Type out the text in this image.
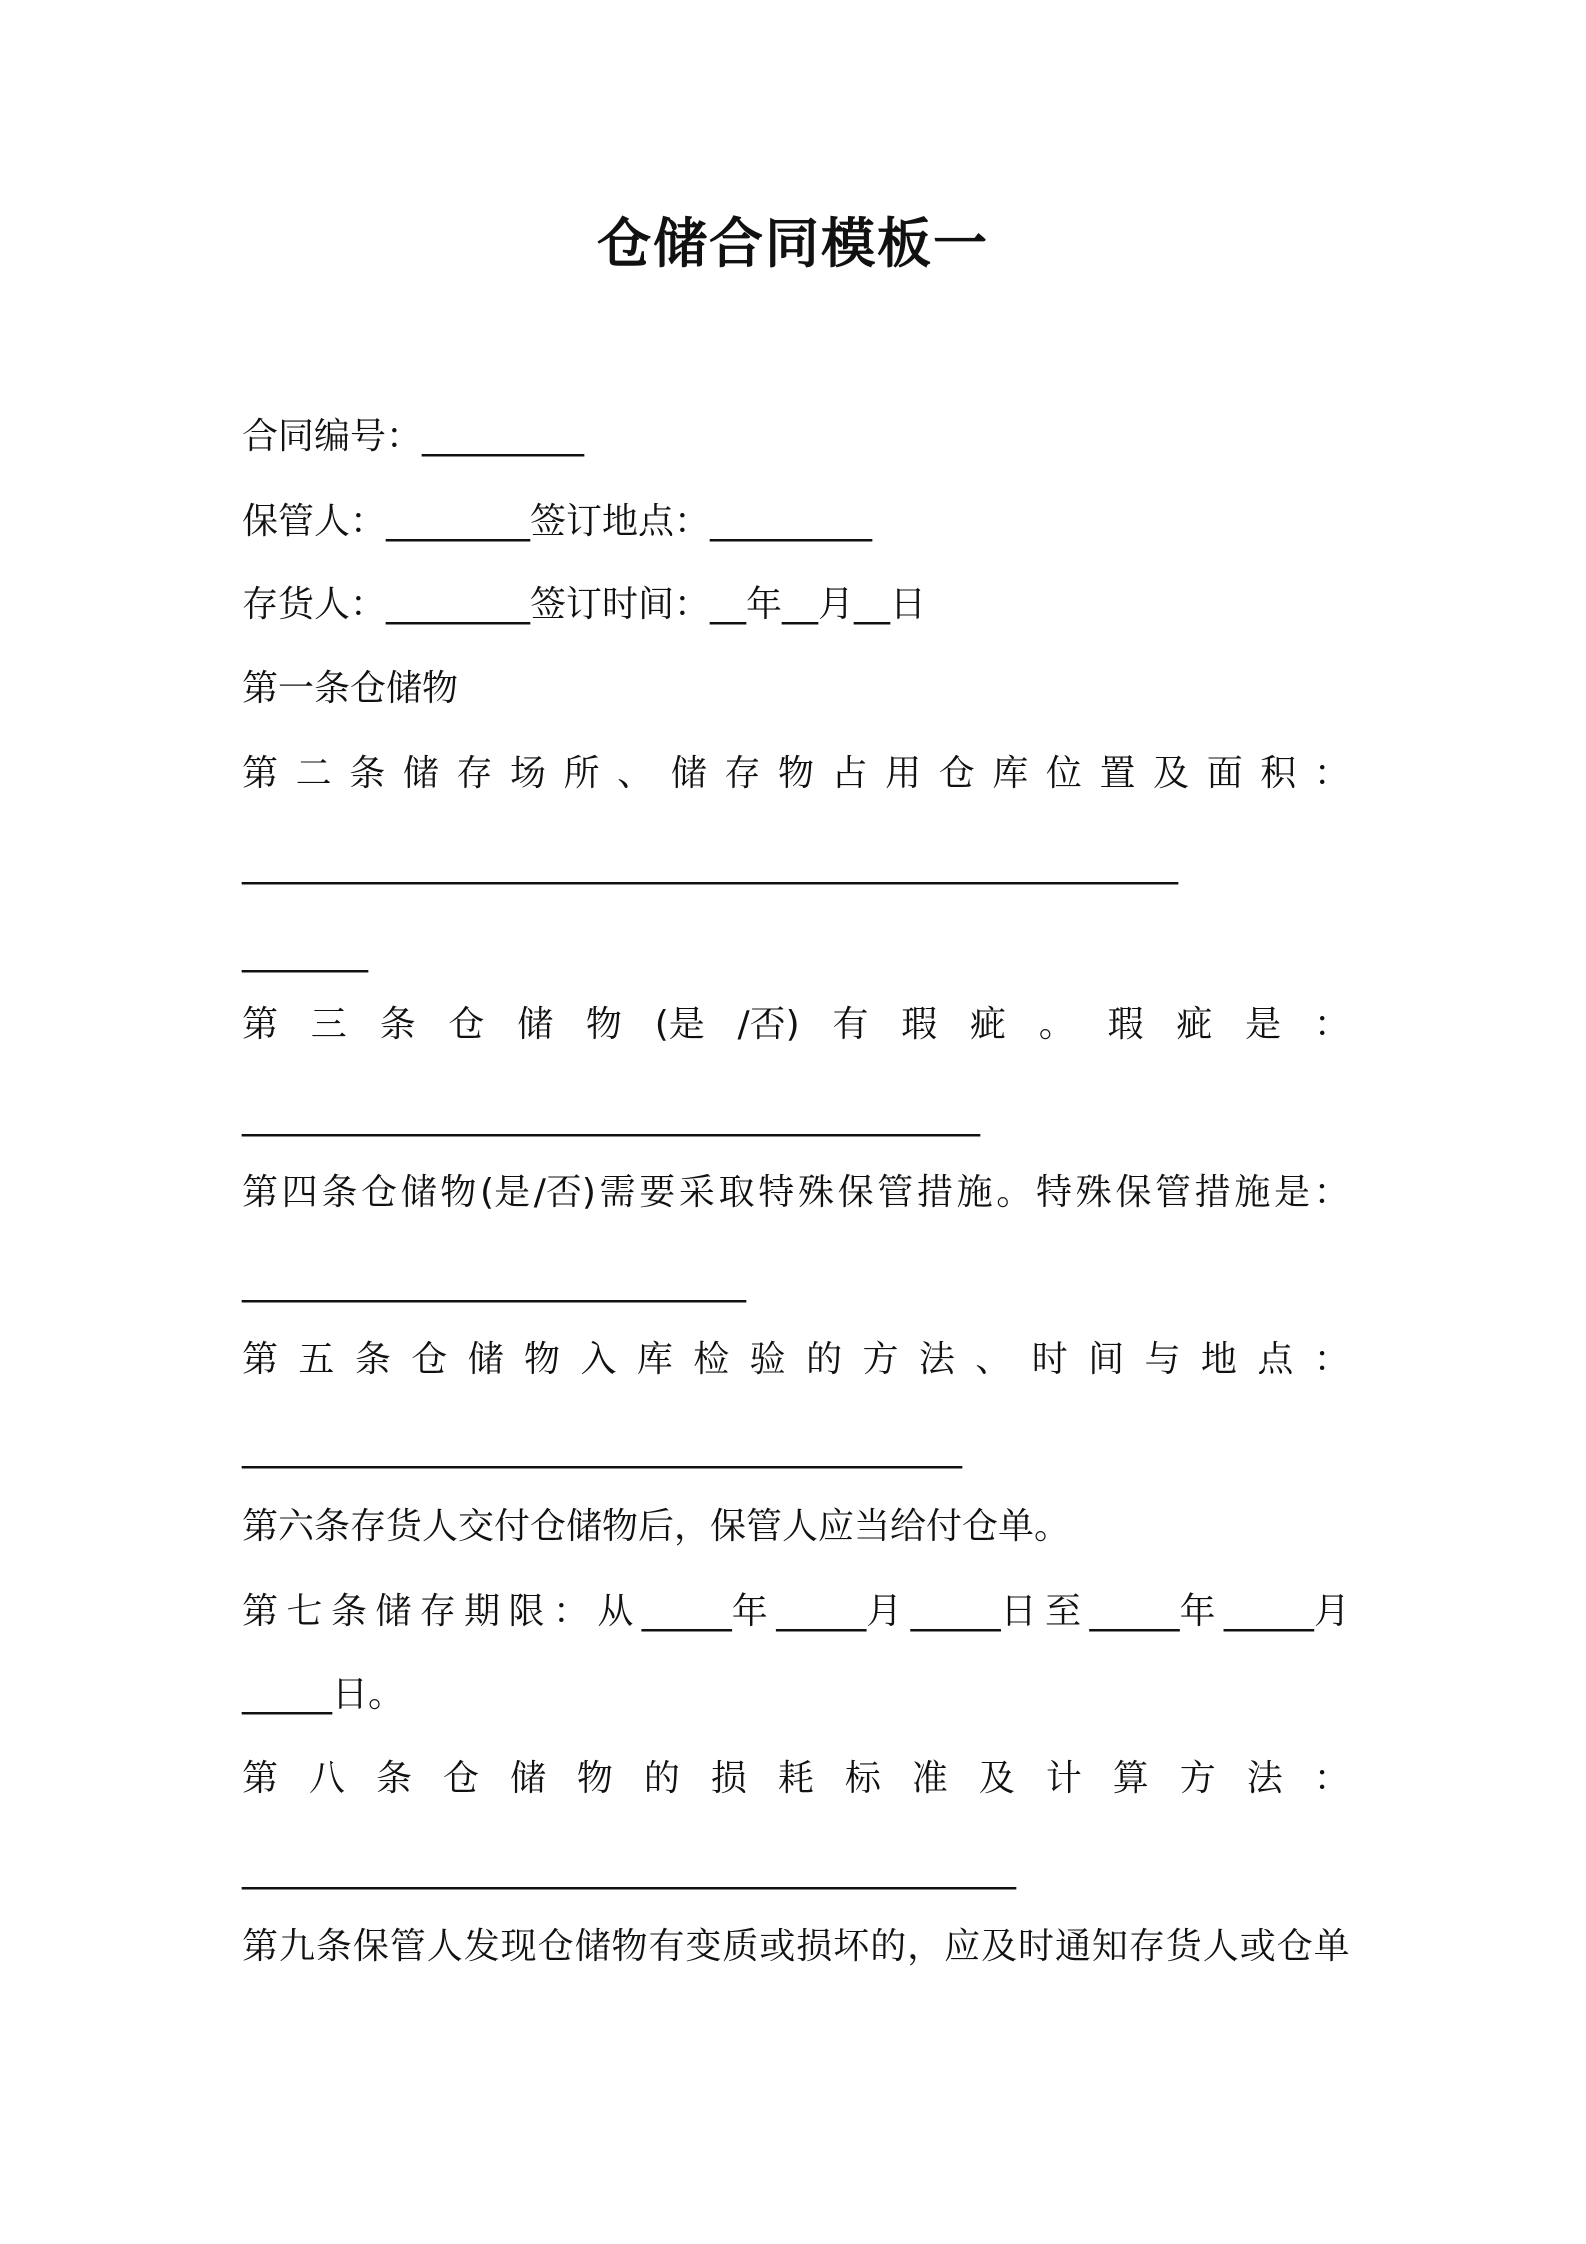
仓储合同模板一
合同编号：_________
保管人：________签订地点：_________
存货人：________签订时间：__年__月__日
第一条仓储物
第 二 条 储 存 场 所 、 储 存 物 占 用 仓 库 位 置 及 面 积 ：
____________________________________________________
_______
第 三 条 仓 储 物 (是 /否) 有 瑕 疵 。 瑕 疵 是 ：
_________________________________________
第 四 条 仓 储 物 (是 /否) 需 要 采 取 特 殊 保 管 措 施 。 特 殊 保 管 措 施 是 ：
____________________________
第 五 条 仓 储 物 入 库 检 验 的 方 法 、 时 间 与 地 点 ：
________________________________________
第六条存货人交付仓储物后，保管人应当给付仓单。
第 七 条 储 存 期 限 ： 从 _____年 _____月 _____日 至 _____年 _____月
_____日。
第 八 条 仓 储 物 的 损 耗 标 准 及 计 算 方 法 ：
___________________________________________
第 九 条 保 管 人 发 现 仓 储 物 有 变 质 或 损 坏 的 ， 应 及 时 通 知 存 货 人 或 仓 单
